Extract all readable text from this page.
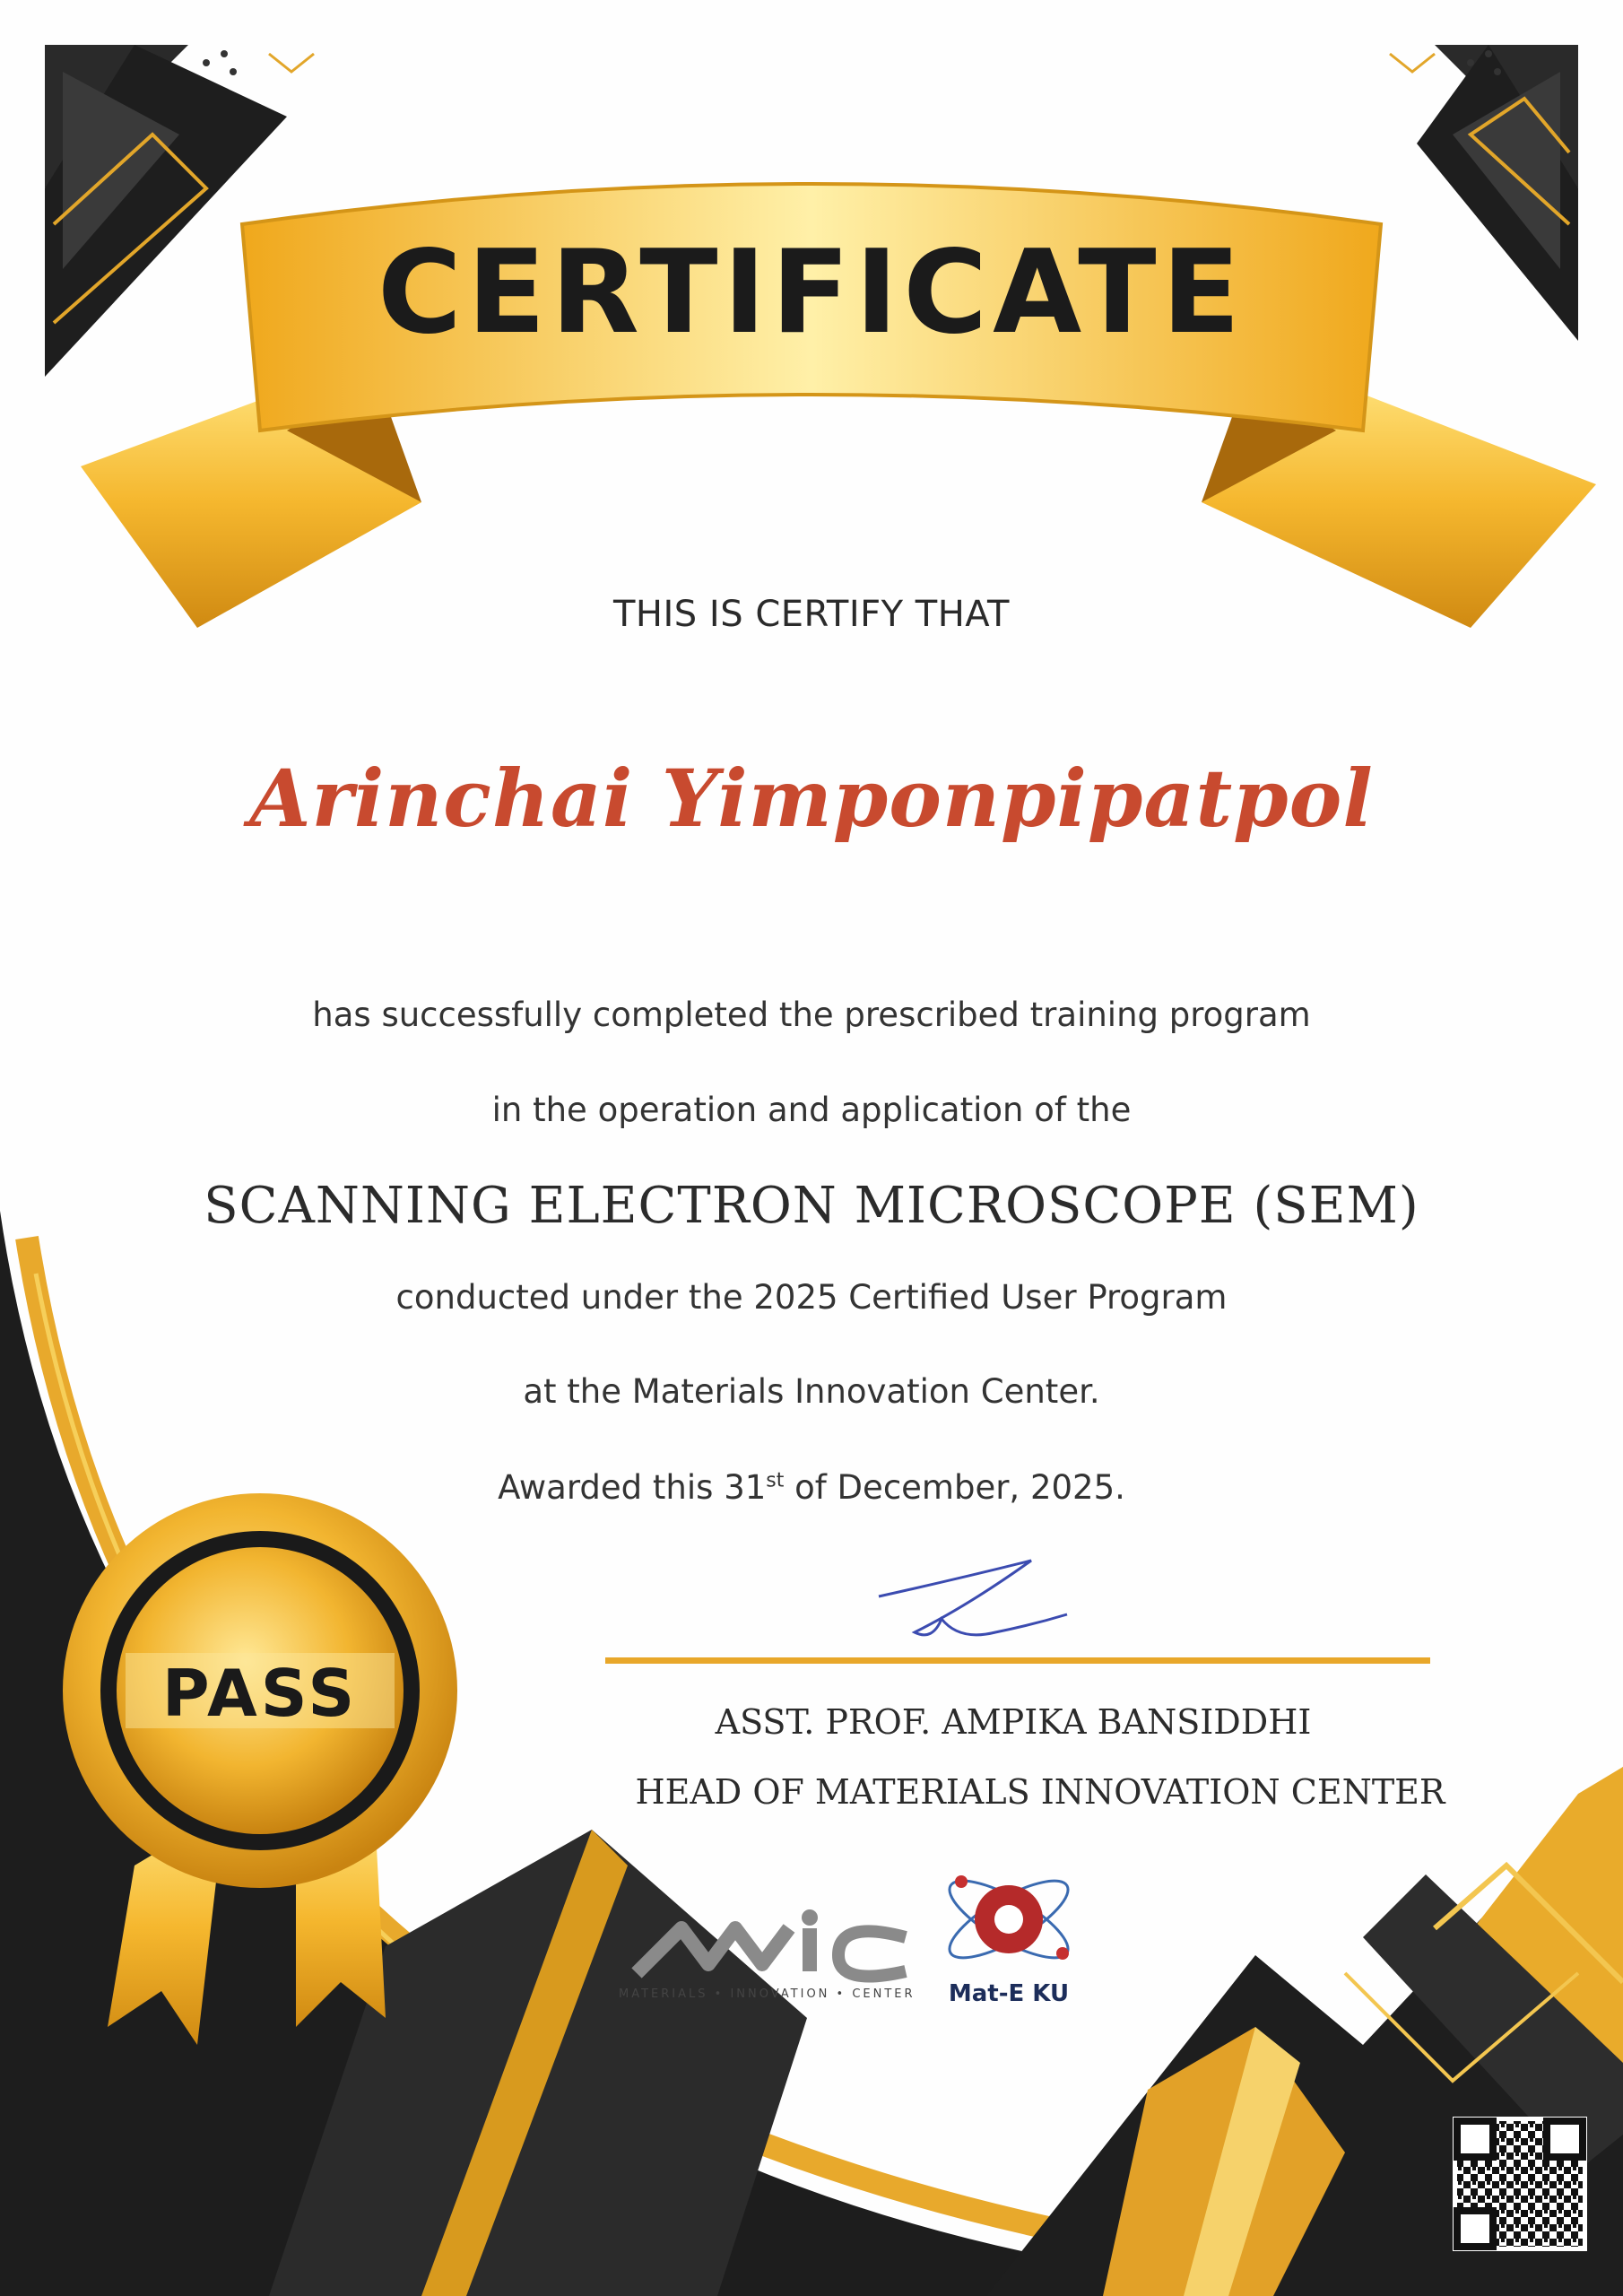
CERTIFICATE
THIS IS CERTIFY THAT
Arinchai Yimponpipatpol
has successfully completed the prescribed training program
in the operation and application of the
SCANNING ELECTRON MICROSCOPE (SEM)
conducted under the 2025 Certified User Program
at the Materials Innovation Center.
Awarded this 31st of December, 2025.
ASST. PROF. AMPIKA BANSIDDHI
HEAD OF MATERIALS INNOVATION CENTER
PASS
MATERIALS • INNOVATION • CENTER	Mat-E KU
